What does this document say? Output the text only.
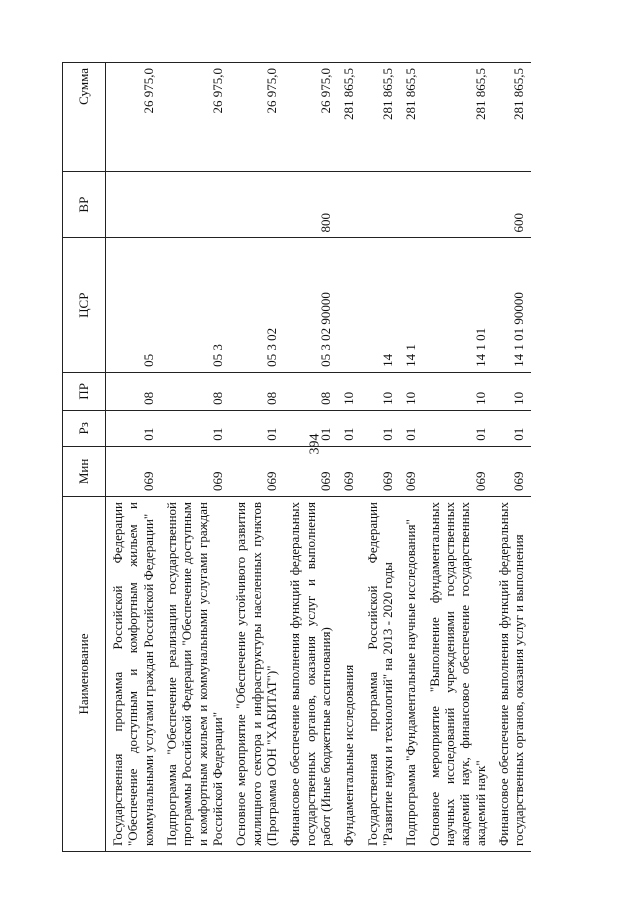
394
Наименование	Мин	Рз	ПР	ЦСР	ВР	Сумма
Государственная программа Российской Федерации "Обеспечение доступным и комфортным жильем и коммунальными услугами граждан Российской Федерации"	069	01	08	05		26 975,0
Подпрограмма "Обеспечение реализации государственной программы Российской Федерации "Обеспечение доступным и комфортным жильем и коммунальными услугами граждан Российской Федерации"	069	01	08	05 3		26 975,0
Основное мероприятие "Обеспечение устойчивого развития жилищного сектора и инфраструктуры населенных пунктов (Программа ООН "ХАБИТАТ")"	069	01	08	05 3 02		26 975,0
Финансовое обеспечение выполнения функций федеральных государственных органов, оказания услуг и выполнения работ (Иные бюджетные ассигнования)	069	01	08	05 3 02 90000	800	26 975,0
Фундаментальные исследования	069	01	10			281 865,5
Государственная программа Российской Федерации "Развитие науки и технологий" на 2013 - 2020 годы	069	01	10	14		281 865,5
Подпрограмма "Фундаментальные научные исследования"	069	01	10	14 1		281 865,5
Основное мероприятие "Выполнение фундаментальных научных исследований учреждениями государственных академий наук, финансовое обеспечение государственных академий наук"	069	01	10	14 1 01		281 865,5
Финансовое обеспечение выполнения функций федеральных государственных органов, оказания услуг и выполнения	069	01	10	14 1 01 90000	600	281 865,5
